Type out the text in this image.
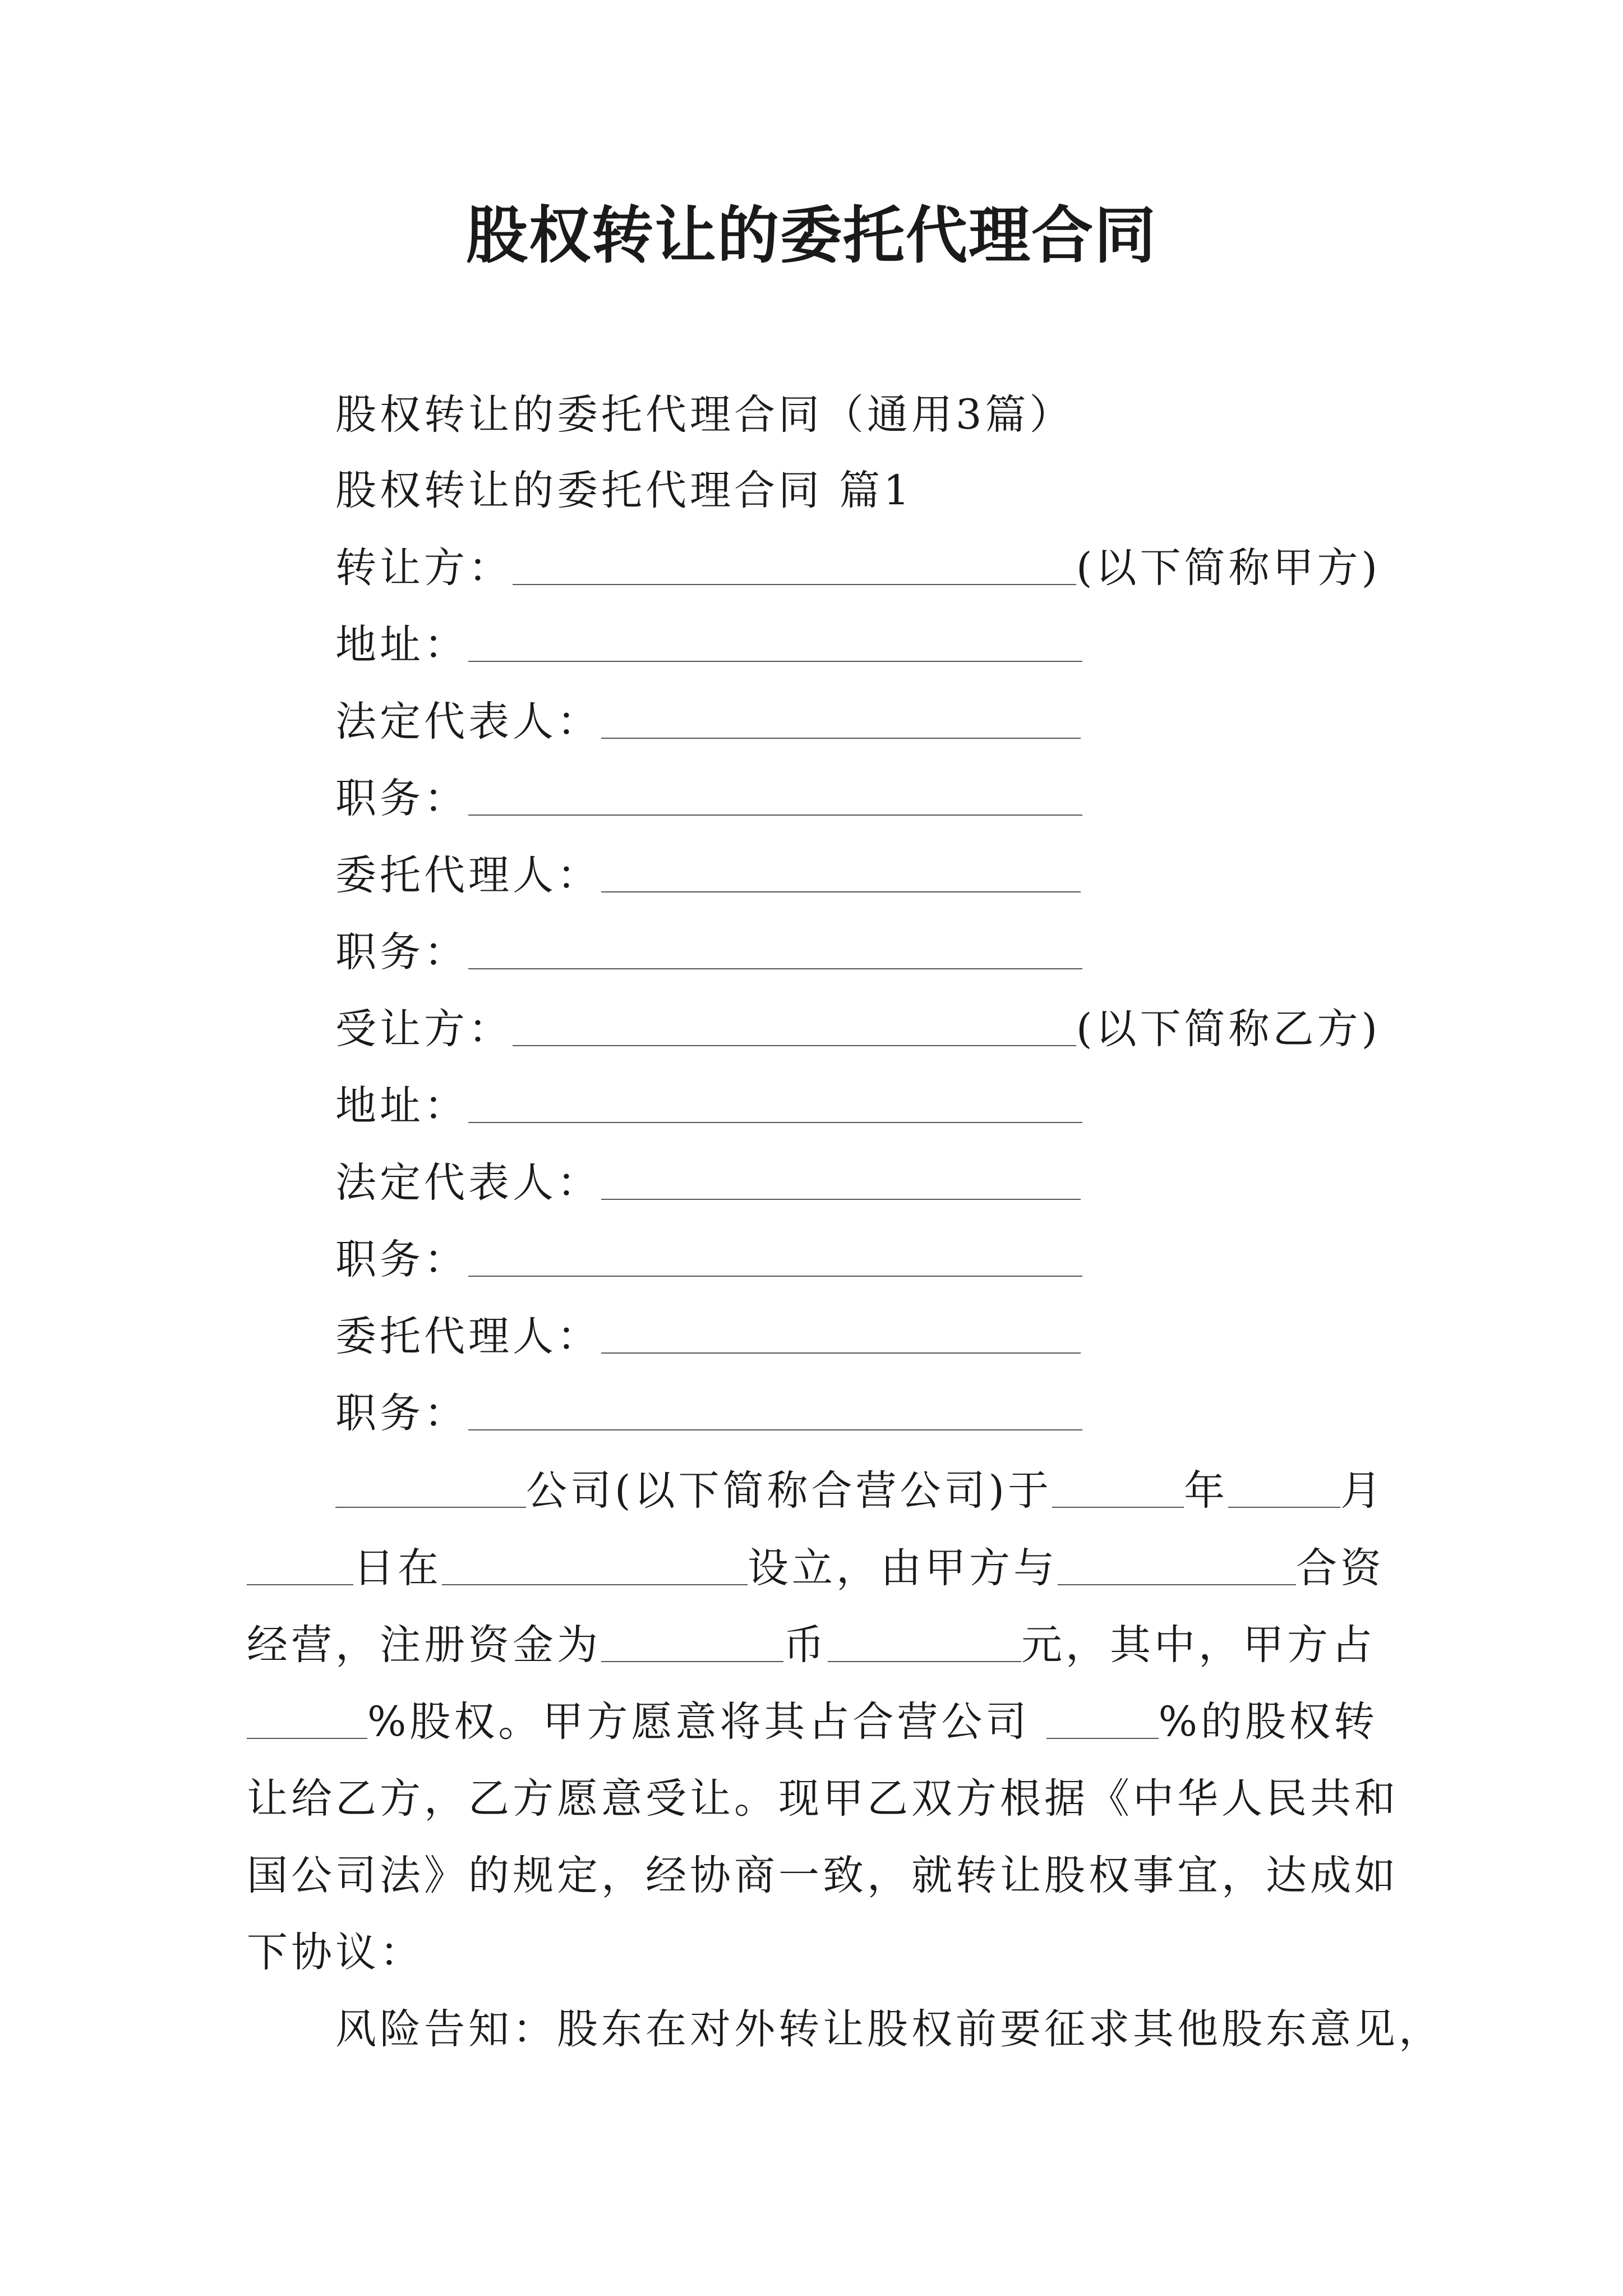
股权转让的委托代理合同
股权转让的委托代理合同（通用3篇）
股权转让的委托代理合同 篇1
转让方：	(以下简称甲方)
地址：
法定代表人：
职务：
委托代理人：
职务：
受让方：	(以下简称乙方)
地址：
法定代表人：
职务：
委托代理人：
职务：
公司(以下简称合营公司)于	年	月
日在	设立，由甲方与	合资
经营，注册资金为	币	元，其中，甲方占
%股权。甲方愿意将其占合营公司	%的股权转
让给乙方，乙方愿意受让。现甲乙双方根据《中华人民共和
国公司法》的规定，经协商一致，就转让股权事宜，达成如
下协议：
风险告知：股东在对外转让股权前要征求其他股东意见，
